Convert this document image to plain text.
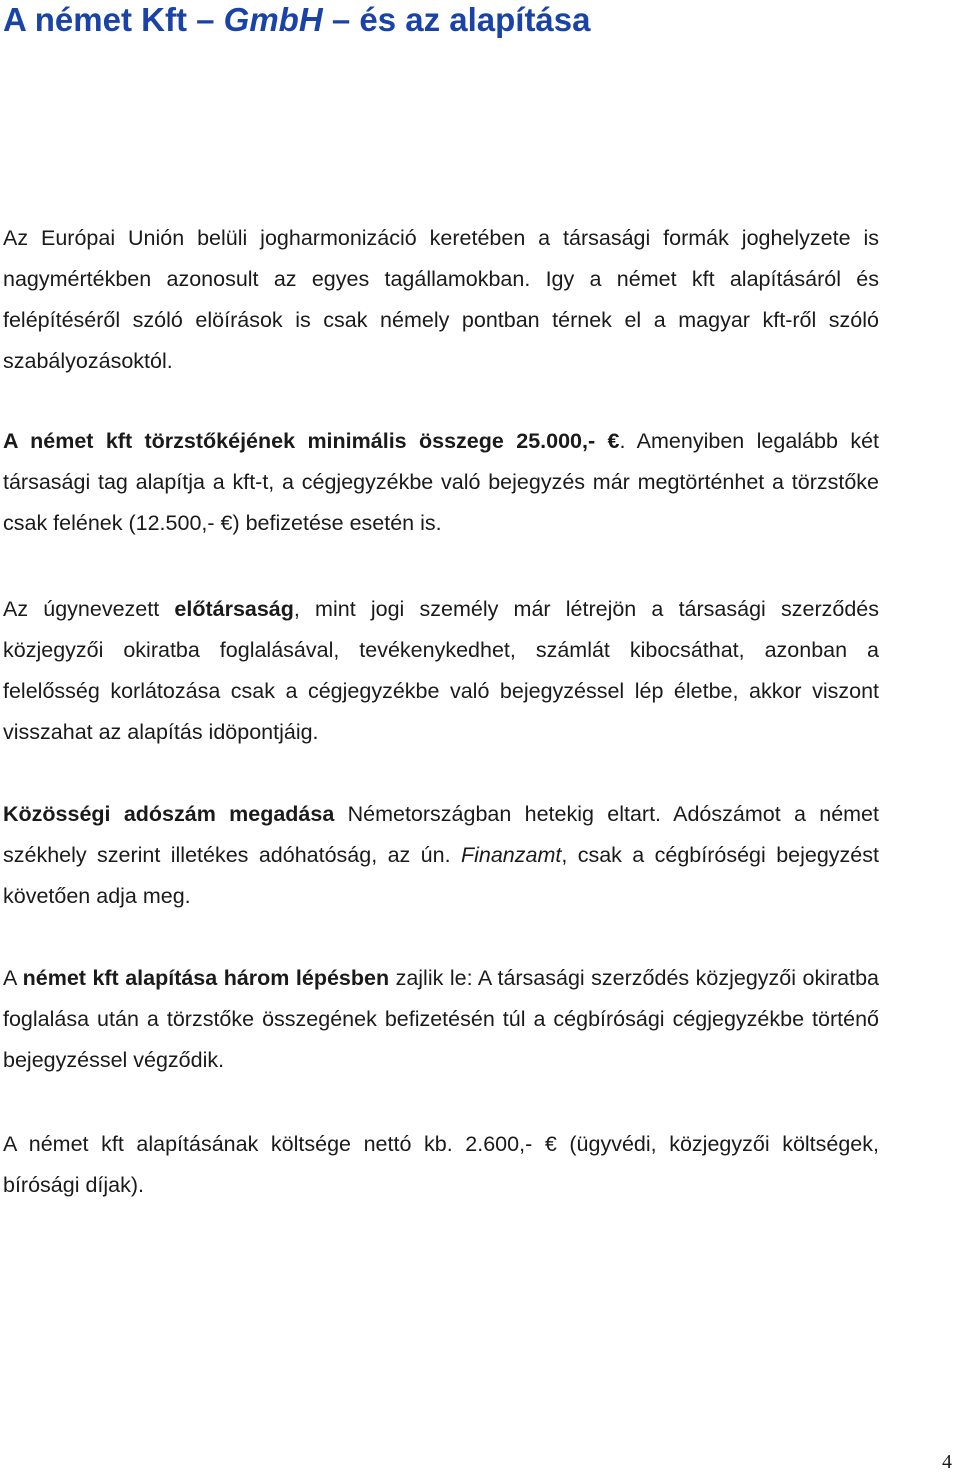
A német Kft – GmbH – és az alapítása

Az Európai Unión belüli jogharmonizáció keretében a társasági formák joghelyzete is nagymértékben azonosult az egyes tagállamokban. Igy a német kft alapításáról és felépítéséről szóló elöírások is csak némely pontban térnek el a magyar kft-ről szóló szabályozásoktól.

A német kft törzstőkéjének minimális összege 25.000,- €. Amenyiben legalább két társasági tag alapítja a kft-t, a cégjegyzékbe való bejegyzés már megtörténhet a törzstőke csak felének (12.500,- €) befizetése esetén is.

Az úgynevezett előtársaság, mint jogi személy már létrejön a társasági szerződés közjegyzői okiratba foglalásával, tevékenykedhet, számlát kibocsáthat, azonban a felelősség korlátozása csak a cégjegyzékbe való bejegyzéssel lép életbe, akkor viszont visszahat az alapítás idöpontjáig.

Közösségi adószám megadása Németországban hetekig eltart. Adószámot a német székhely szerint illetékes adóhatóság, az ún. Finanzamt, csak a cégbíróségi bejegyzést követően adja meg.

A német kft alapítása három lépésben zajlik le: A társasági szerződés közjegyzői okiratba foglalása után a törzstőke összegének befizetésén túl a cégbírósági cégjegyzékbe történő bejegyzéssel végződik.

A német kft alapításának költsége nettó kb. 2.600,- € (ügyvédi, közjegyzői költségek, bírósági díjak).

4
